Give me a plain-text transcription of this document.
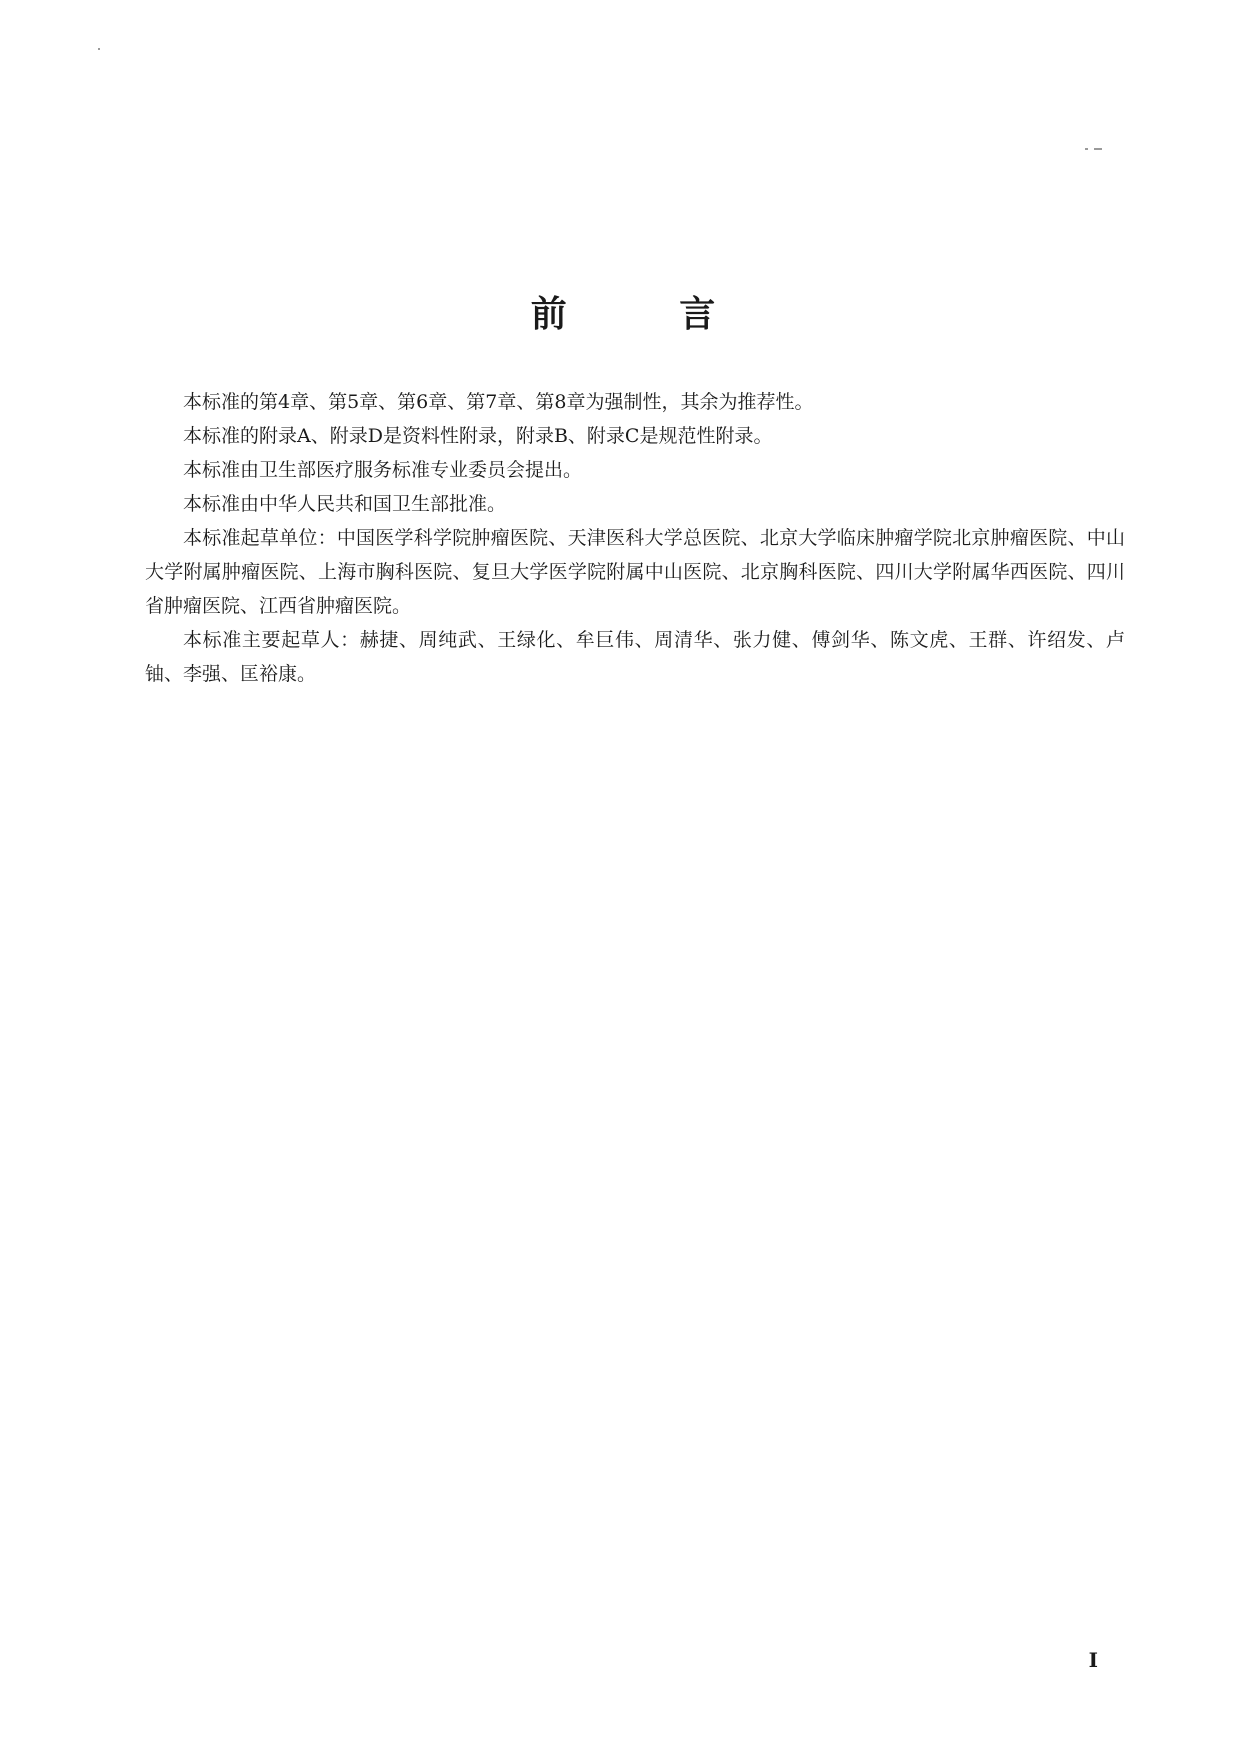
前 言

本标准的第4章、第5章、第6章、第7章、第8章为强制性，其余为推荐性。

本标准的附录A、附录D是资料性附录，附录B、附录C是规范性附录。

本标准由卫生部医疗服务标准专业委员会提出。

本标准由中华人民共和国卫生部批准。

本标准起草单位：中国医学科学院肿瘤医院、天津医科大学总医院、北京大学临床肿瘤学院北京肿瘤医院、中山大学附属肿瘤医院、上海市胸科医院、复旦大学医学院附属中山医院、北京胸科医院、四川大学附属华西医院、四川省肿瘤医院、江西省肿瘤医院。

本标准主要起草人：赫捷、周纯武、王绿化、牟巨伟、周清华、张力健、傅剑华、陈文虎、王群、许绍发、卢铀、李强、匡裕康。

I
